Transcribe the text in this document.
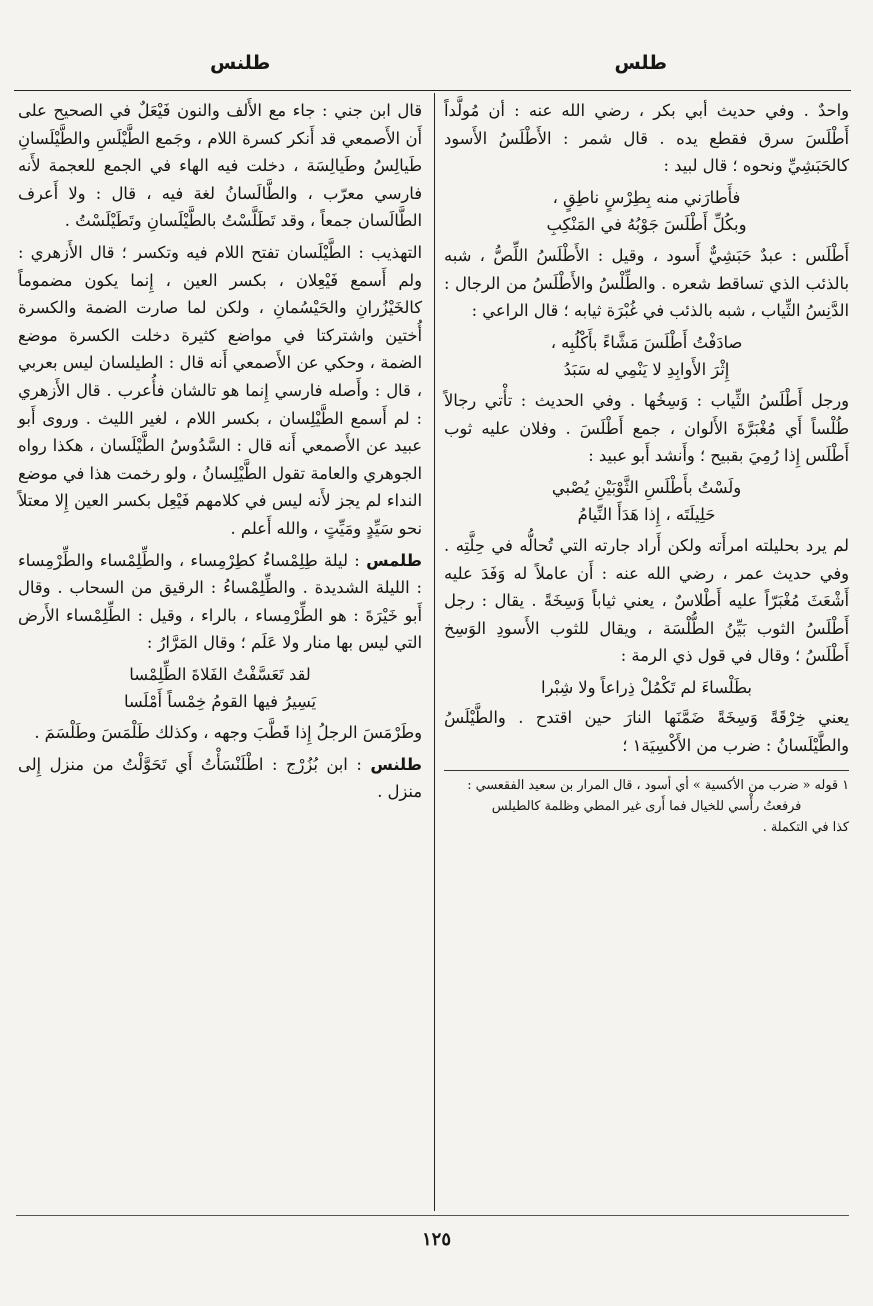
طلس
طلنس

واحدٌ . وفي حديث أبي بكر ، رضي الله عنه : أن مُولَّداً أَطْلَسَ سرق فقطع يده . قال شمر : الأَطْلَسُ الأَسود كالحَبَشِيِّ ونحوه ؛ قال لبيد :

فأَطارَني منه بِطِرْسٍ ناطِقٍ ،
وبكُلِّ أَطْلَسَ جَوْبُهُ في المَنْكِبِ

أَطْلَس : عبدٌ حَبَشِيٌّ أَسود ، وقيل : الأَطْلَسُ اللِّصُّ ، شبه بالذئب الذي تساقط شعره . والطِّلْسُ والأَطْلَسُ من الرجال : الدَّنِسُ الثِّياب ، شبه بالذئب في غُبْرَة ثيابه ؛ قال الراعي :

صادَفْتُ أَطْلَسَ مَشَّاءً بأَكْلُبِه ،
إِثْرَ الأَوابِدِ لا يَنْمِي له سَبَدُ

ورجل أَطْلَسُ الثِّياب : وَسِخُها . وفي الحديث : تأْتي رجالاً طُلْساً أَي مُغْبَرَّةَ الأَلوان ، جمع أَطْلَسَ . وفلان عليه ثوب أَطْلَس إِذا رُمِيَ بقبيح ؛ وأَنشد أَبو عبيد :

ولَسْتُ بأَطْلَسِ الثَّوْبَيْنِ يُصْبي
حَلِيلَتَه ، إِذا هَدَأَ النِّيامُ

لم يرد بحليلته امرأَته ولكن أَراد جارته التي تُحالُّه في حِلَّتِه . وفي حديث عمر ، رضي الله عنه : أَن عاملاً له وَفَدَ عليه أَشْعَثَ مُغْبَرّاً عليه أَطْلاسٌ ، يعني ثياباً وَسِخَةً . يقال : رجل أَطْلَسُ الثوب بَيِّنُ الطُّلْسَة ، ويقال للثوب الأَسودِ الوَسِخ أَطْلَسُ ؛ وقال في قول ذي الرمة :

بطَلْساءَ لم تَكْمُلْ ذِراعاً ولا شِبْرا

يعني خِرْقَةً وَسِخَةً ضَمَّنَها النارَ حين اقتدح . والطَّيْلَسُ والطَّيْلَسانُ : ضرب من الأَكْسِيَة١ ؛

١ قوله « ضرب من الأكسية » أي أسود ، قال المرار بن سعيد الفقعسي :
فرفعتُ رأْسي للخيال فما أَرى غير المطي وظلمة كالطيلس
كذا في التكملة .

قال ابن جني : جاء مع الأَلف والنون فَيْعَلٌ في الصحيح على أَن الأَصمعي قد أَنكر كسرة اللام ، وجَمع الطَّيْلَسِ والطَّيْلَسانِ طَيالِسُ وطَيالِسَة ، دخلت فيه الهاء في الجمع للعجمة لأَنه فارسي معرّب ، والطَّالَسانُ لغة فيه ، قال : ولا أَعرف الطَّالَسان جمعاً ، وقد تَطَلَّسْتُ بالطَّيْلَسانِ وتَطَيْلَسْتُ .

التهذيب : الطَّيْلَسان تفتح اللام فيه وتكسر ؛ قال الأَزهري : ولم أَسمع فَيْعِلان ، بكسر العين ، إِنما يكون مضموماً كالخَيْزُرانِ والحَيْسُمانِ ، ولكن لما صارت الضمة والكسرة أُختين واشتركتا في مواضع كثيرة دخلت الكسرة موضع الضمة ، وحكي عن الأَصمعي أَنه قال : الطيلسان ليس بعربي ، قال : وأَصله فارسي إِنما هو تالشان فأُعرب . قال الأَزهري : لم أَسمع الطَّيْلِسان ، بكسر اللام ، لغير الليث . وروى أَبو عبيد عن الأَصمعي أَنه قال : السَّدُوسُ الطَّيْلَسان ، هكذا رواه الجوهري والعامة تقول الطَّيْلِسانُ ، ولو رخمت هذا في موضع النداء لم يجز لأَنه ليس في كلامهم فَيْعِل بكسر العين إِلا معتلاً نحو سَيِّدٍ ومَيِّتٍ ، والله أَعلم .

طلمس : ليلة طِلِمْساءُ كطِرْمِساء ، والطِّلِمْساء والطِّرْمِساء : الليلة الشديدة . والطِّلِمْساءُ : الرقيق من السحاب . وقال أَبو خَيْرَةَ : هو الطِّرْمِساء ، بالراء ، وقيل : الطِّلِمْساء الأَرض التي ليس بها منار ولا عَلَم ؛ وقال المَرَّارُ :

لقد تَعَسَّفْتُ الفَلاةَ الطِّلِمْسا
يَسِيرُ فيها القومُ خِمْساً أَمْلَسا

وطَرْمَسَ الرجلُ إِذا قَطَّبَ وجهه ، وكذلك طَلْمَسَ وطَلْسَمَ .

طلنس : ابن بُزُرْج : اطْلَنْسَأْتُ أَي تَحَوَّلْتُ من منزل إِلى منزل .

١٢٥
